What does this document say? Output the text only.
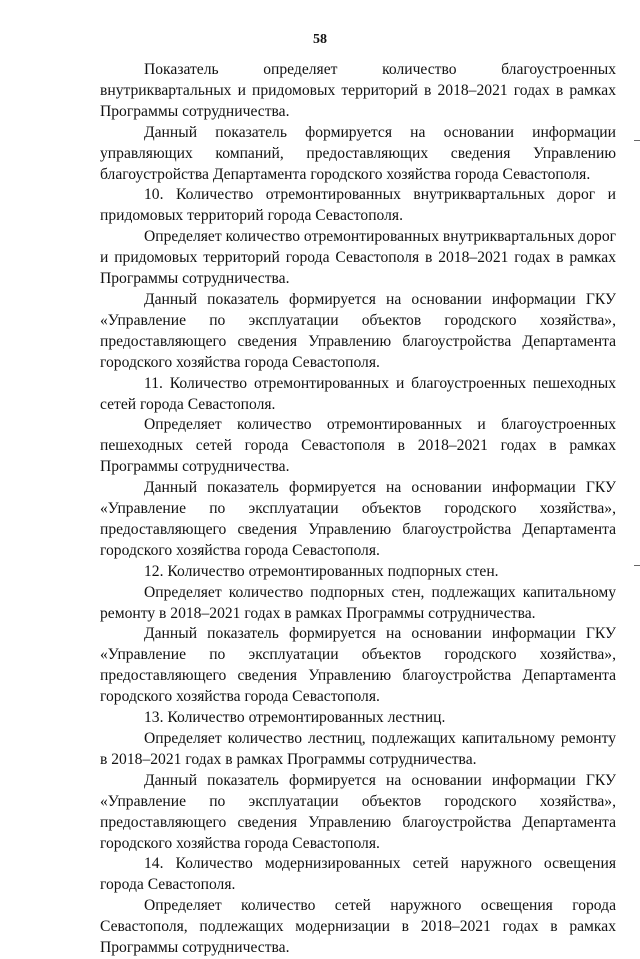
58

Показатель определяет количество благоустроенных внутриквартальных и придомовых территорий в 2018–2021 годах в рамках Программы сотрудничества.

Данный показатель формируется на основании информации управляющих компаний, предоставляющих сведения Управлению благоустройства Департамента городского хозяйства города Севастополя.

10. Количество отремонтированных внутриквартальных дорог и придомовых территорий города Севастополя.

Определяет количество отремонтированных внутриквартальных дорог и придомовых территорий города Севастополя в 2018–2021 годах в рамках Программы сотрудничества.

Данный показатель формируется на основании информации ГКУ «Управление по эксплуатации объектов городского хозяйства», предоставляющего сведения Управлению благоустройства Департамента городского хозяйства города Севастополя.

11. Количество отремонтированных и благоустроенных пешеходных сетей города Севастополя.

Определяет количество отремонтированных и благоустроенных пешеходных сетей города Севастополя в 2018–2021 годах в рамках Программы сотрудничества.

Данный показатель формируется на основании информации ГКУ «Управление по эксплуатации объектов городского хозяйства», предоставляющего сведения Управлению благоустройства Департамента городского хозяйства города Севастополя.

12. Количество отремонтированных подпорных стен.

Определяет количество подпорных стен, подлежащих капитальному ремонту в 2018–2021 годах в рамках Программы сотрудничества.

Данный показатель формируется на основании информации ГКУ «Управление по эксплуатации объектов городского хозяйства», предоставляющего сведения Управлению благоустройства Департамента городского хозяйства города Севастополя.

13. Количество отремонтированных лестниц.

Определяет количество лестниц, подлежащих капитальному ремонту в 2018–2021 годах в рамках Программы сотрудничества.

Данный показатель формируется на основании информации ГКУ «Управление по эксплуатации объектов городского хозяйства», предоставляющего сведения Управлению благоустройства Департамента городского хозяйства города Севастополя.

14. Количество модернизированных сетей наружного освещения города Севастополя.

Определяет количество сетей наружного освещения города Севастополя, подлежащих модернизации в 2018–2021 годах в рамках Программы сотрудничества.
